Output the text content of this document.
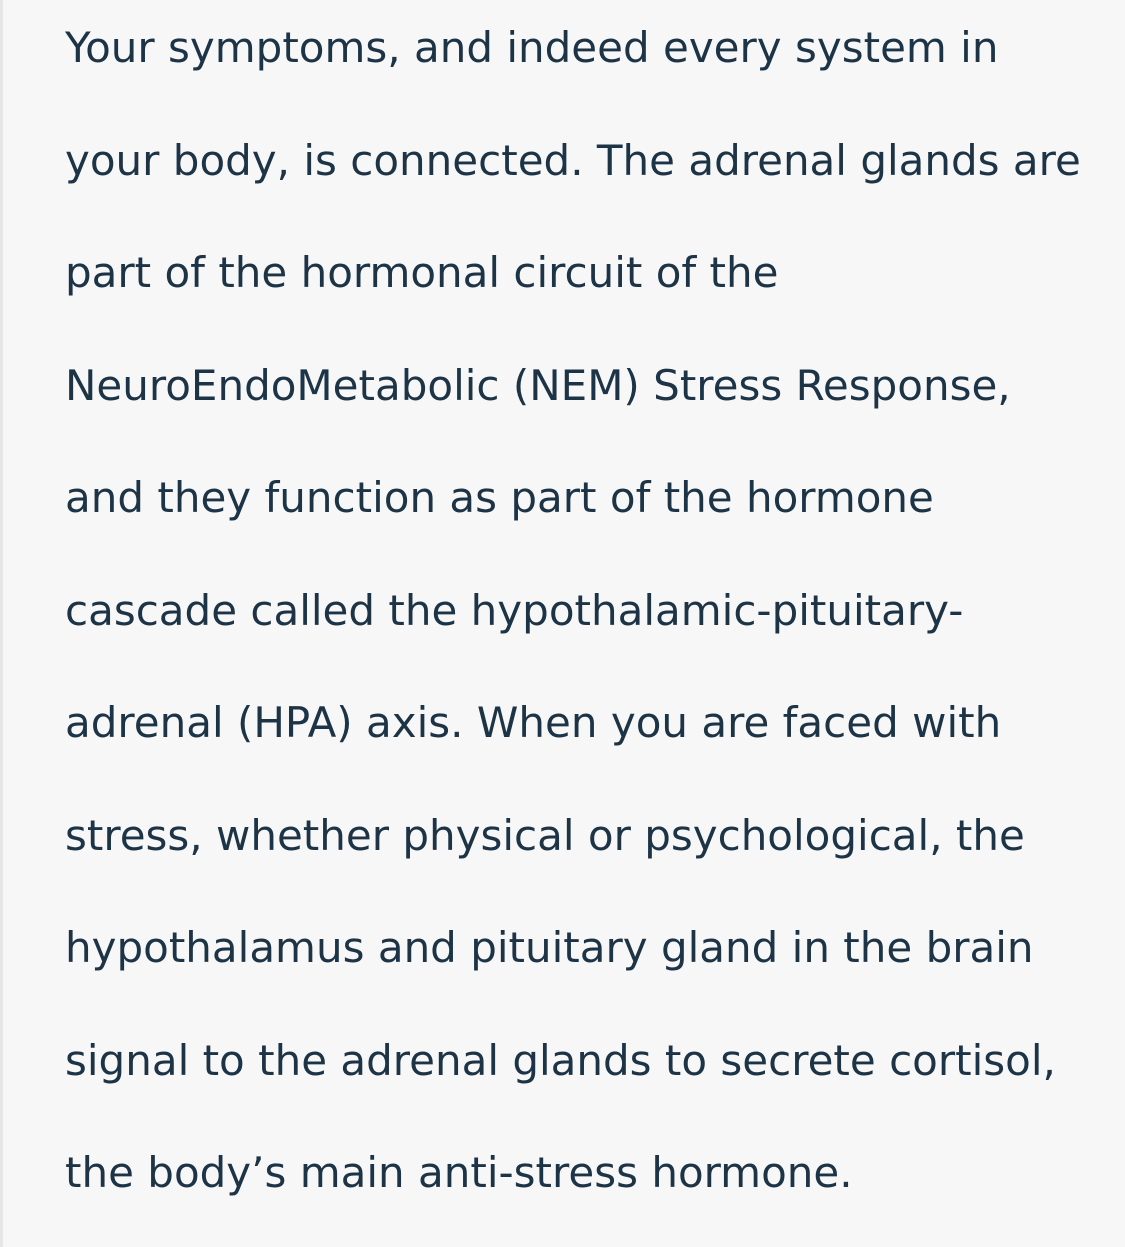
Your symptoms, and indeed every system in
your body, is connected. The adrenal glands are
part of the hormonal circuit of the
NeuroEndoMetabolic (NEM) Stress Response,
and they function as part of the hormone
cascade called the hypothalamic-pituitary-
adrenal (HPA) axis. When you are faced with
stress, whether physical or psychological, the
hypothalamus and pituitary gland in the brain
signal to the adrenal glands to secrete cortisol,
the body’s main anti-stress hormone.
